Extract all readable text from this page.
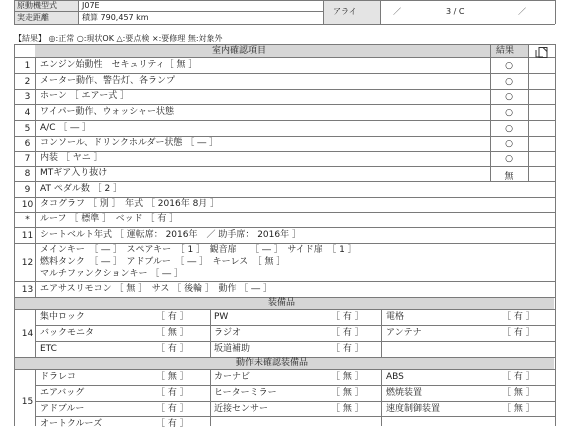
原動機型式	J07E
実走距離	積算 790,457 km
アライ	／	3 / C	／
【結果】 ◎:正常 ○:現状OK △:要点検 ×:要修理 無:対象外
室内確認項目	結果
1	エンジン始動性　セキュリティ［ 無 ］	○
2	メーター動作、警告灯、各ランプ	○
3	ホーン ［ エアー式 ］	○
4	ワイパー動作、ウォッシャー状態	○
5	A/C ［ ― ］	○
6	コンソール、ドリンクホルダー状態 ［ ― ］	○
7	内装 ［ ヤニ ］	○
8	MTギア入り抜け	無
9	AT ペダル数 ［ 2 ］
10 タコグラフ ［ 別 ］　年式 ［ 2016年 8月 ］
*	ルーフ ［ 標準 ］　ベッド ［ 有 ］
11 シートベルト年式 ［ 運転席： 2016年　／ 助手席： 2016年 ］
12
メインキー　［ ― ］　スペアキー　［ 1 ］　観音扉　　［ ― ］　サイド扉　［ 1 ］
燃料タンク　［ ― ］　アドブルー　［ ― ］　キーレス　［ 無 ］
マルチファンクションキー ［ ― ］
13 エアサスリモコン ［ 無 ］　サス ［ 後輪 ］　動作 ［ ― ］
装備品
14
集中ロック	［ 有 ］	PW	［ 有 ］ 電格	［ 有 ］
バックモニタ	［ 無 ］	ラジオ	［ 有 ］ アンテナ	［ 有 ］
ETC	［ 有 ］	坂道補助	［ 有 ］
動作未確認装備品
15
ドラレコ	［ 無 ］	カーナビ	［ 無 ］ ABS	［ 有 ］
エアバッグ	［ 有 ］	ヒーターミラー	［ 無 ］ 燃焼装置	［ 無 ］
アドブルー	［ 有 ］	近接センサー	［ 無 ］ 速度制御装置	［ 無 ］
オートクルーズ	［ 有 ］
